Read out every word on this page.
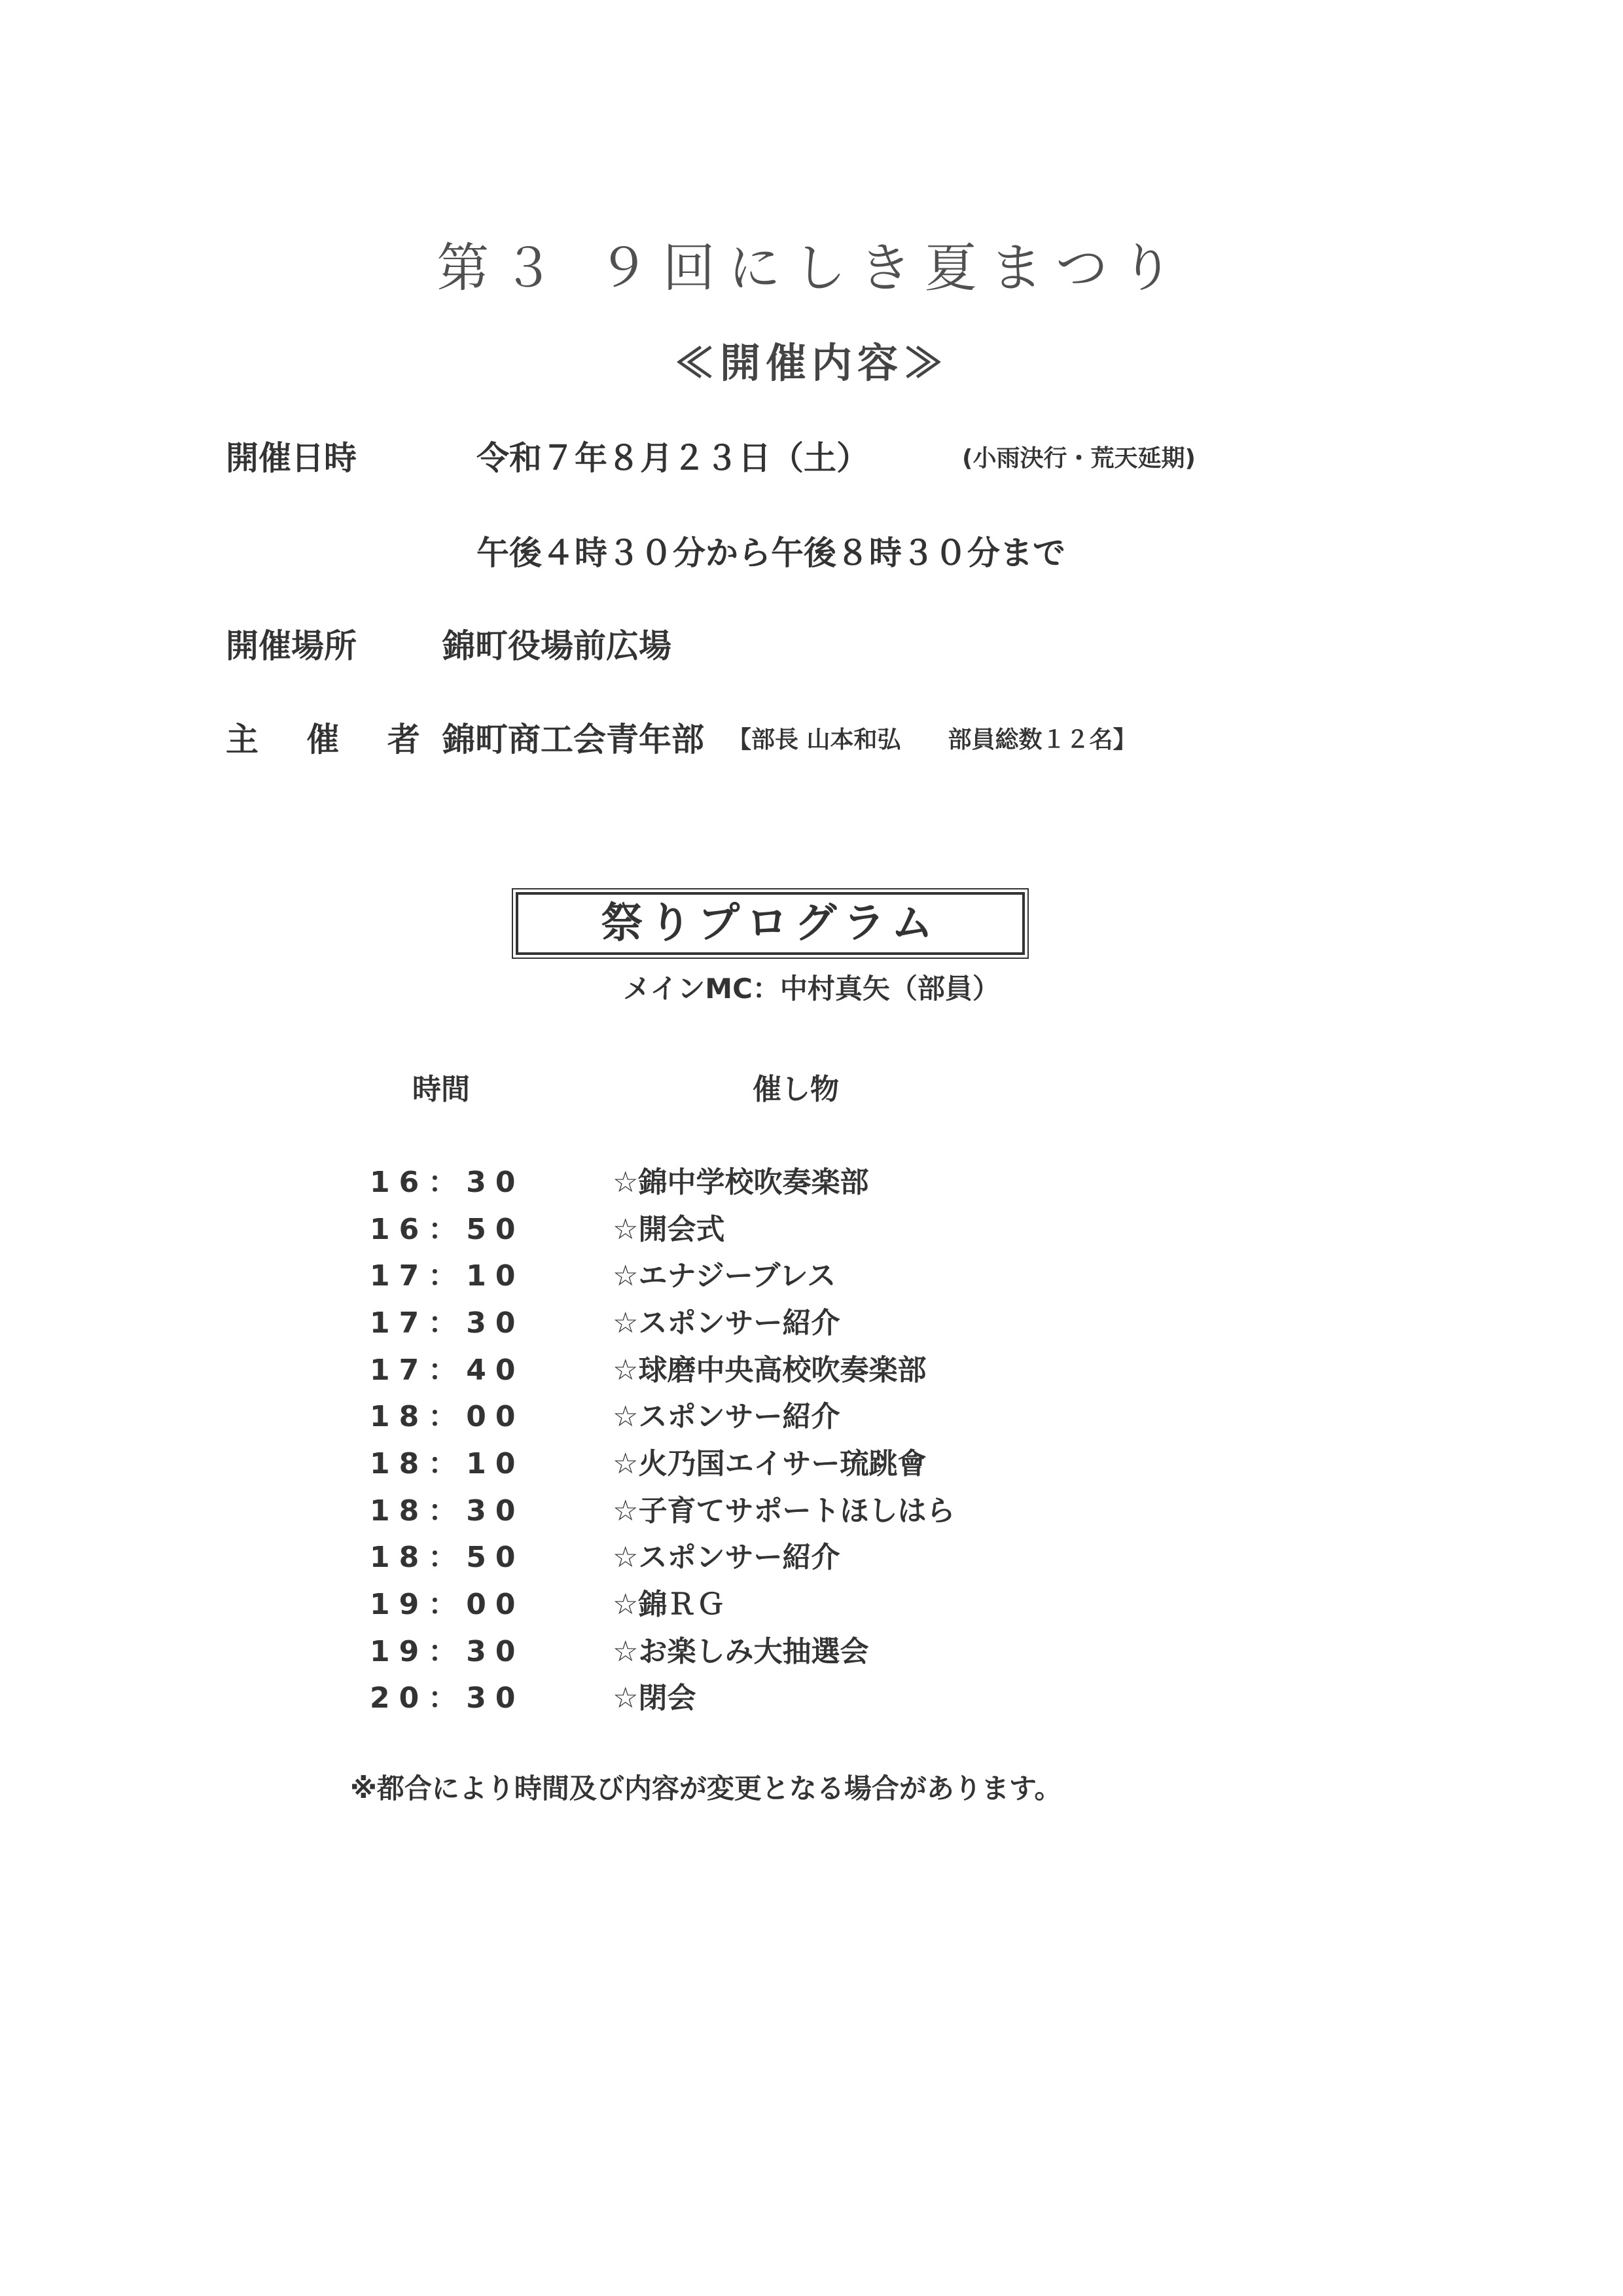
第３ ９回にしき夏まつり
≪開催内容≫
開催日時	令和７年８月２３日（土）	(小雨決行・荒天延期)
午後４時３０分から午後８時３０分まで
開催場所	錦町役場前広場
主 催 者 錦町商工会青年部 【部長 山本和弘　　部員総数１２名】
祭りプログラム
メインMC：中村真矢（部員）
時間	催し物
16：30	☆錦中学校吹奏楽部
16：50	☆開会式
17：10	☆エナジーブレス
17：30	☆スポンサー紹介
17：40	☆球磨中央高校吹奏楽部
18：00	☆スポンサー紹介
18：10	☆火乃国エイサー琉跳會
18：30	☆子育てサポートほしはら
18：50	☆スポンサー紹介
19：00	☆錦ＲＧ
19：30	☆お楽しみ大抽選会
20：30	☆閉会
※都合により時間及び内容が変更となる場合があります。
